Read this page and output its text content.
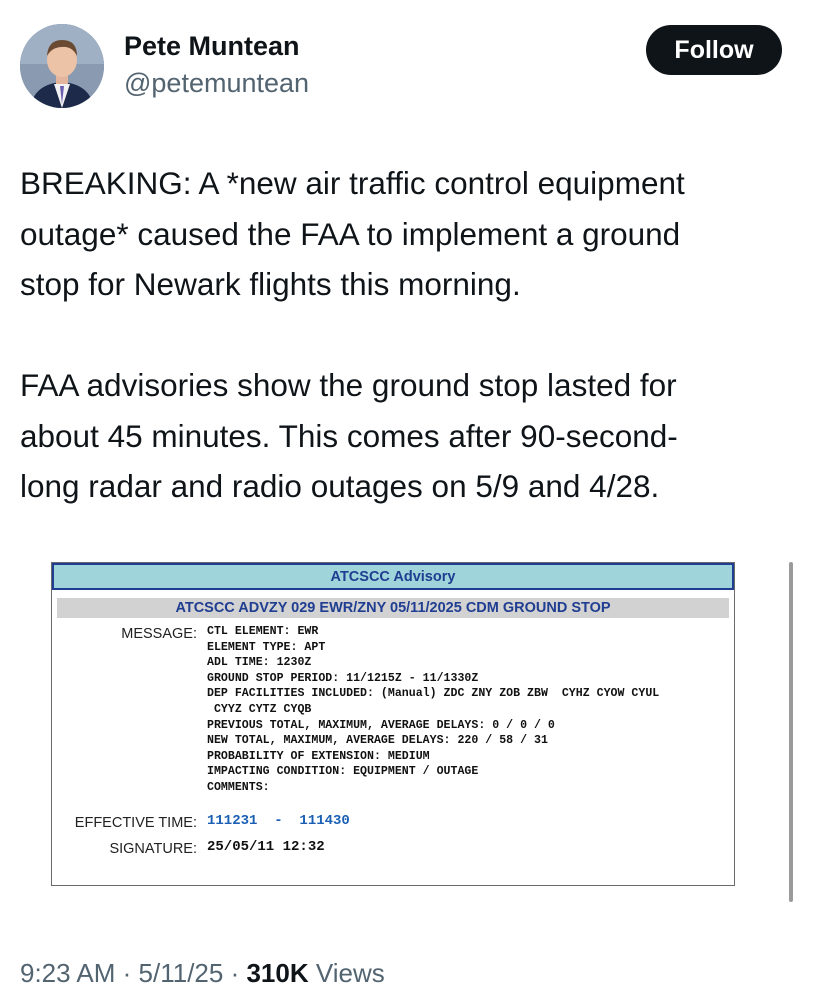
Pete Muntean
@petemuntean
Follow

BREAKING: A *new air traffic control equipment

outage* caused the FAA to implement a ground

stop for Newark flights this morning.

FAA advisories show the ground stop lasted for

about 45 minutes. This comes after 90-second-

long radar and radio outages on 5/9 and 4/28.

ATCSCC Advisory
ATCSCC ADVZY 029 EWR/ZNY 05/11/2025 CDM GROUND STOP
MESSAGE: CTL ELEMENT: EWR
ELEMENT TYPE: APT
ADL TIME: 1230Z
GROUND STOP PERIOD: 11/1215Z - 11/1330Z
DEP FACILITIES INCLUDED: (Manual) ZDC ZNY ZOB ZBW  CYHZ CYOW CYUL
CYYZ CYTZ CYQB
PREVIOUS TOTAL, MAXIMUM, AVERAGE DELAYS: 0 / 0 / 0
NEW TOTAL, MAXIMUM, AVERAGE DELAYS: 220 / 58 / 31
PROBABILITY OF EXTENSION: MEDIUM
IMPACTING CONDITION: EQUIPMENT / OUTAGE
COMMENTS:
EFFECTIVE TIME: 111231  -  111430
SIGNATURE: 25/05/11 12:32
9:23 AM · 5/11/25 · 310K Views
